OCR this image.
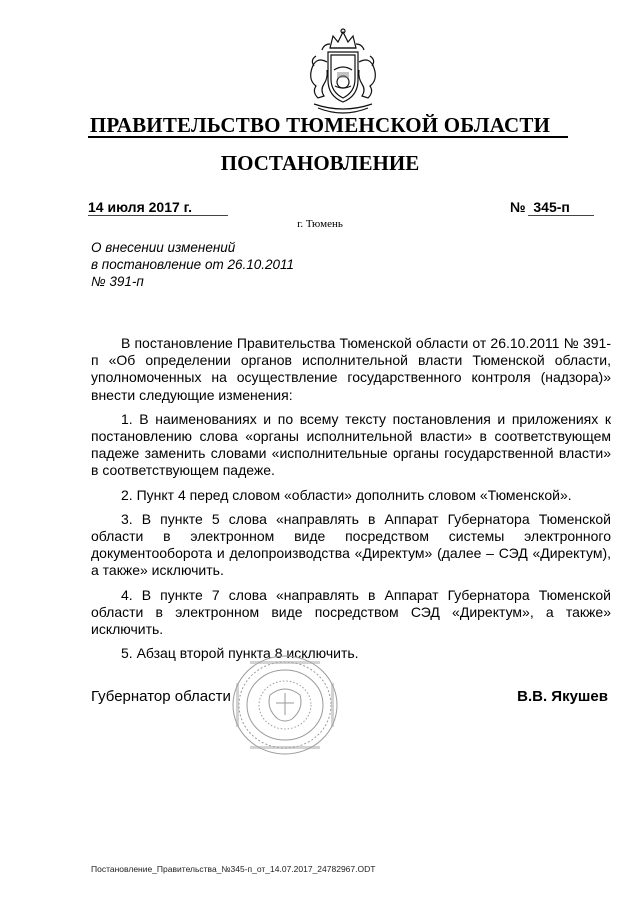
ПРАВИТЕЛЬСТВО ТЮМЕНСКОЙ ОБЛАСТИ
ПОСТАНОВЛЕНИЕ
14 июля 2017 г.	№  345-п
г. Тюмень
О внесении изменений
в постановление от 26.10.2011
№ 391-п

В постановление Правительства Тюменской области от 26.10.2011 № 391-п «Об определении органов исполнительной власти Тюменской области, уполномоченных на осуществление государственного контроля (надзора)» внести следующие изменения:

1. В наименованиях и по всему тексту постановления и приложениях к постановлению слова «органы исполнительной власти» в соответствующем падеже заменить словами «исполнительные органы государственной власти» в соответствующем падеже.

2. Пункт 4 перед словом «области» дополнить словом «Тюменской».

3. В пункте 5 слова «направлять в Аппарат Губернатора Тюменской области в электронном виде посредством системы электронного документооборота и делопроизводства «Директум» (далее – СЭД «Директум), а также» исключить.

4. В пункте 7 слова «направлять в Аппарат Губернатора Тюменской области в электронном виде посредством СЭД «Директум», а также» исключить.

5. Абзац второй пункта 8 исключить.

Губернатор области	В.В. Якушев
Постановление_Правительства_№345-п_от_14.07.2017_24782967.ODT
